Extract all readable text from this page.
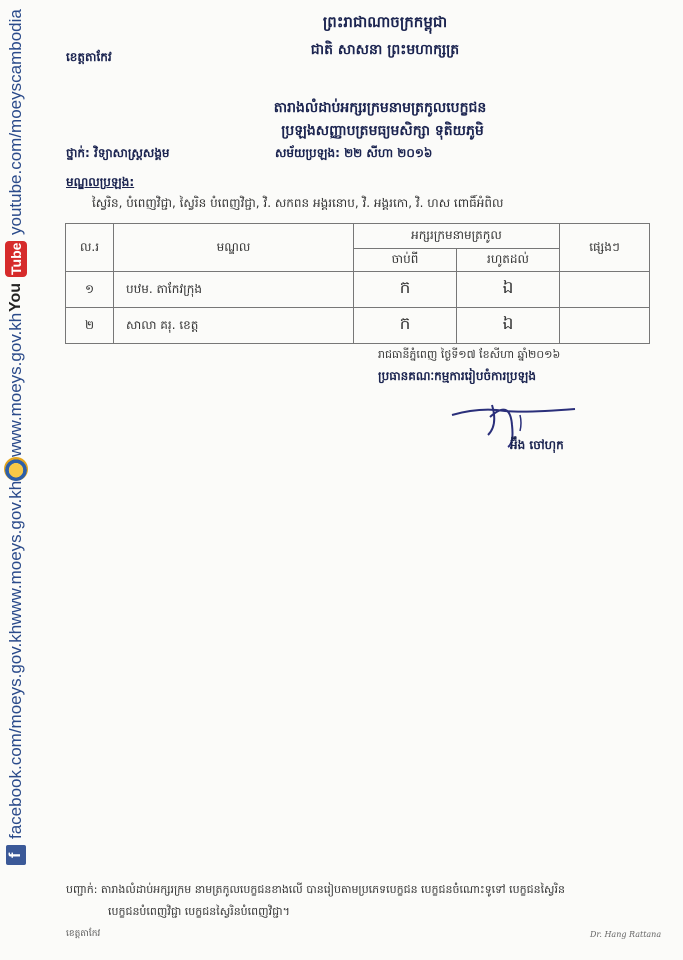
f
facebook.com/moeys.gov.kh
www.moeys.gov.kh
www.moeys.gov.kh
You
Tube
youtube.com/moeyscambodia	ព្រះរាជាណាចក្រកម្ពុជា
ជាតិ សាសនា ព្រះមហាក្សត្រ
ខេត្តតាកែវ
តារាងលំដាប់អក្សរក្រមនាមត្រកូលបេក្ខជន
ប្រឡងសញ្ញាបត្រមធ្យមសិក្សា ទុតិយភូមិ
ថ្នាក់: វិទ្យាសាស្ត្រសង្គម	សម័យប្រឡង: ២២ សីហា ២០១៦
មណ្ឌលប្រឡង:
ស្វៃរិន, បំពេញវិជ្ជា, ស្វៃរិន បំពេញវិជ្ជា, វិ. សកពន អង្គរនោប, វិ. អង្គរកោ, វិ. ហស ពោធិ៍អំពិល
ល.រ	មណ្ឌល	អក្សរក្រមនាមត្រកូល		ផ្សេងៗ
		ចាប់ពី	រហូតដល់	
១	បឋម. តាកែវក្រុង	ក	ឯ	
២	សាលា គរុ. ខេត្ត	ក	ឯ	
រាជធានីភ្នំពេញ ថ្ងៃទី១៧ ខែសីហា ឆ្នាំ២០១៦
ប្រធានគណៈកម្មការរៀបចំការប្រឡង
អ៊ឹង ចៅហុក
បញ្ជាក់: តារាងលំដាប់អក្សរក្រម នាមត្រកូលបេក្ខជនខាងលើ បានរៀបតាមប្រភេទបេក្ខជន បេក្ខជនចំណោះទូទៅ បេក្ខជនស្វៃរិន
បេក្ខជនបំពេញវិជ្ជា បេក្ខជនស្វៃរិនបំពេញវិជ្ជា។
ខេត្តតាកែវ	Dr. Hang Rattana
